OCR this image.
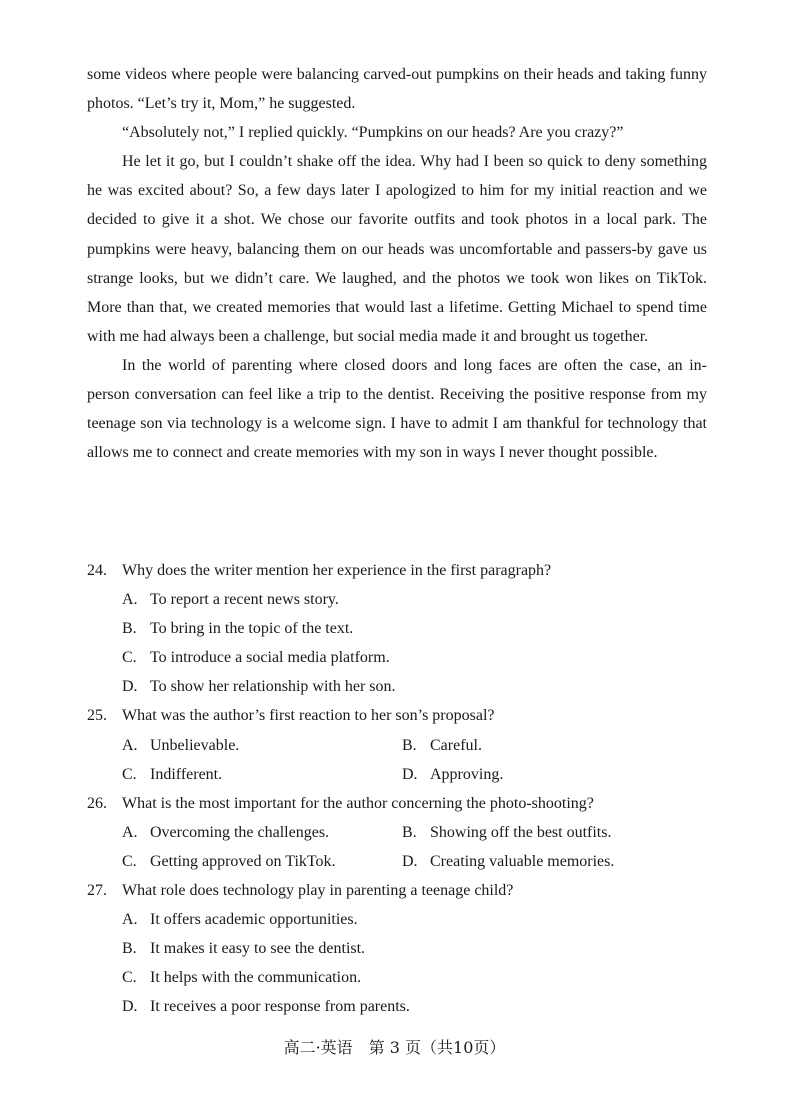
some videos where people were balancing carved-out pumpkins on their heads and taking funny photos. “Let’s try it, Mom,” he suggested.

“Absolutely not,” I replied quickly. “Pumpkins on our heads? Are you crazy?”

He let it go, but I couldn’t shake off the idea. Why had I been so quick to deny something he was excited about? So, a few days later I apologized to him for my initial reaction and we decided to give it a shot. We chose our favorite outfits and took photos in a local park. The pumpkins were heavy, balancing them on our heads was uncomfortable and passers-by gave us strange looks, but we didn’t care. We laughed, and the photos we took won likes on TikTok. More than that, we created memories that would last a lifetime. Getting Michael to spend time with me had always been a challenge, but social media made it and brought us together.

In the world of parenting where closed doors and long faces are often the case, an in-person conversation can feel like a trip to the dentist. Receiving the positive response from my teenage son via technology is a welcome sign. I have to admit I am thankful for technology that allows me to connect and create memories with my son in ways I never thought possible.

24. Why does the writer mention her experience in the first paragraph?
A. To report a recent news story.
B. To bring in the topic of the text.
C. To introduce a social media platform.
D. To show her relationship with her son.
25. What was the author’s first reaction to her son’s proposal?
A. Unbelievable.	B. Careful.
C. Indifferent.	D. Approving.
26. What is the most important for the author concerning the photo-shooting?
A. Overcoming the challenges.	B. Showing off the best outfits.
C. Getting approved on TikTok.	D. Creating valuable memories.
27. What role does technology play in parenting a teenage child?
A. It offers academic opportunities.
B. It makes it easy to see the dentist.
C. It helps with the communication.
D. It receives a poor response from parents.
高二·英语　第 3 页（共10页）
